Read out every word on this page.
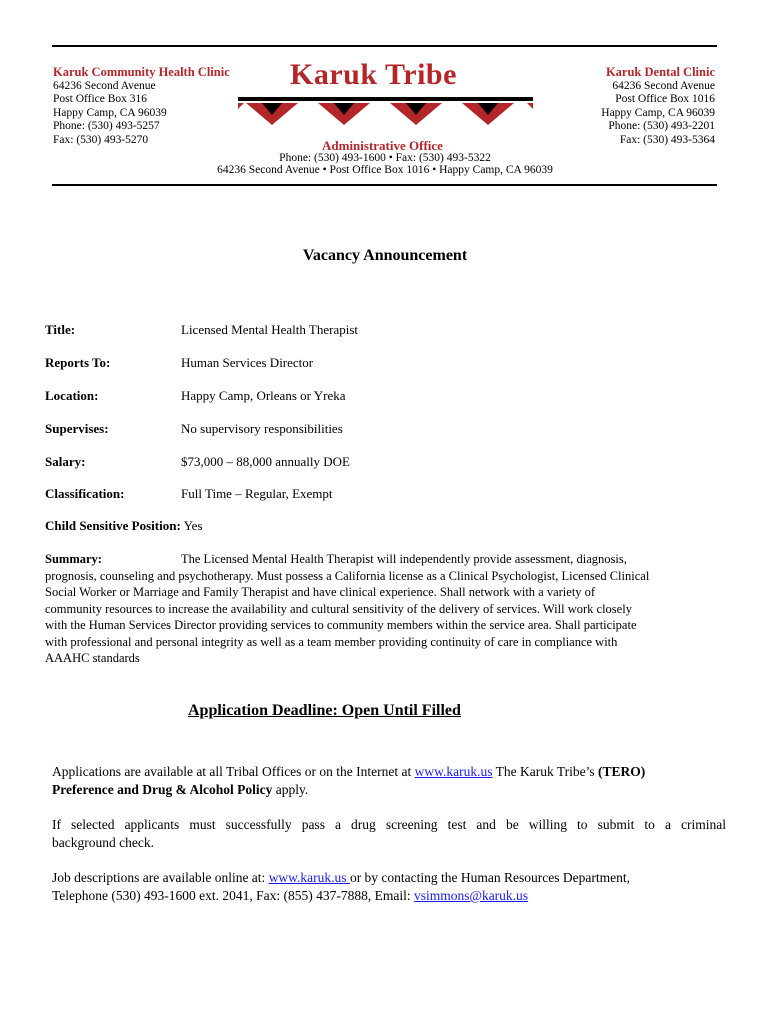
Karuk Community Health Clinic
64236 Second Avenue
Post Office Box 316
Happy Camp, CA 96039
Phone: (530) 493-5257
Fax: (530) 493-5270
Karuk Tribe
Administrative Office
Phone: (530) 493-1600 • Fax: (530) 493-5322
64236 Second Avenue • Post Office Box 1016 • Happy Camp, CA 96039
Karuk Dental Clinic
64236 Second Avenue
Post Office Box 1016
Happy Camp, CA 96039
Phone: (530) 493-2201
Fax: (530) 493-5364
Vacancy Announcement
Title:	Licensed Mental Health Therapist
Reports To:	Human Services Director
Location:	Happy Camp, Orleans or Yreka
Supervises:	No supervisory responsibilities
Salary:	$73,000 – 88,000 annually DOE
Classification:	Full Time – Regular, Exempt
Child Sensitive Position: Yes
Summary:	The Licensed Mental Health Therapist will independently provide assessment, diagnosis,
prognosis, counseling and psychotherapy. Must possess a California license as a Clinical Psychologist, Licensed Clinical
Social Worker or Marriage and Family Therapist and have clinical experience. Shall network with a variety of
community resources to increase the availability and cultural sensitivity of the delivery of services. Will work closely
with the Human Services Director providing services to community members within the service area. Shall participate
with professional and personal integrity as well as a team member providing continuity of care in compliance with
AAAHC standards
Application Deadline: Open Until Filled
Applications are available at all Tribal Offices or on the Internet at www.karuk.us The Karuk Tribe’s (TERO)
Preference and Drug & Alcohol Policy apply.
If selected applicants must successfully pass a drug screening test and be willing to submit to a criminal
background check.
Job descriptions are available online at: www.karuk.us or by contacting the Human Resources Department,
Telephone (530) 493-1600 ext. 2041, Fax: (855) 437-7888, Email: vsimmons@karuk.us
